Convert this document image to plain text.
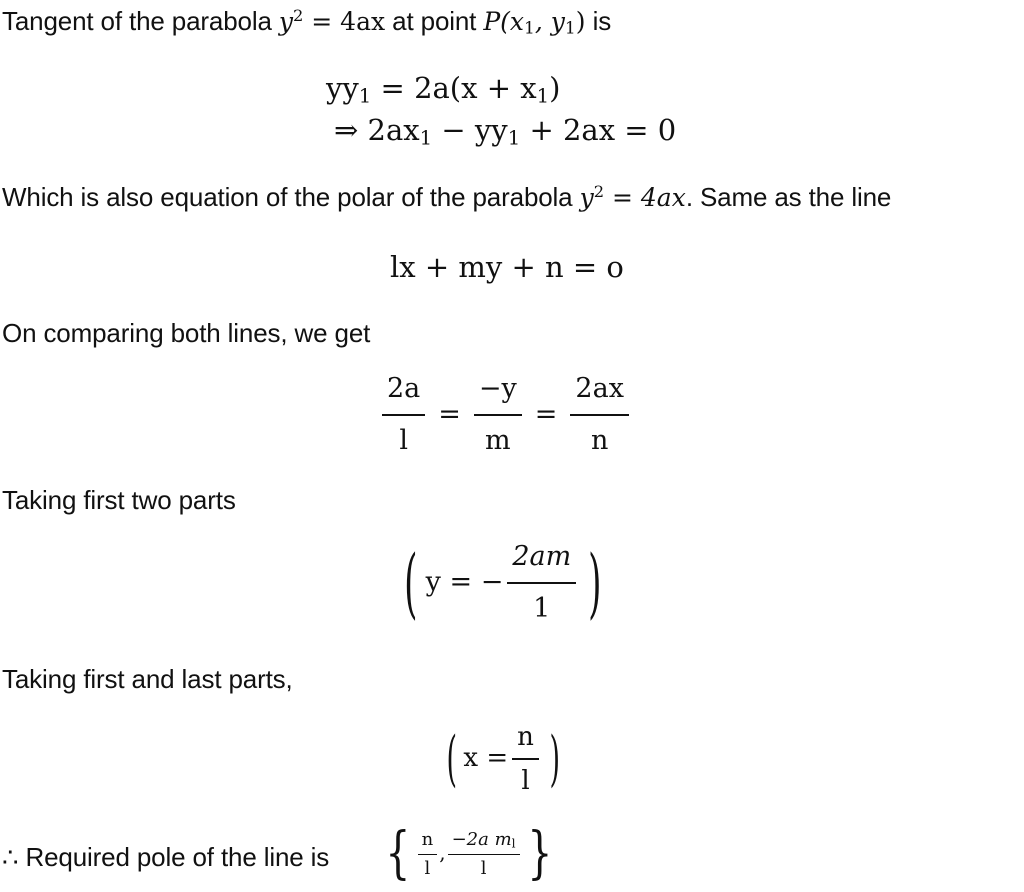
Tangent of the parabola $y^2 = 4ax$ at point $P(x_1$, $y_1$) is
$yy_1 = 2a(x + x_1)$
⇒ $2ax_1 - yy_1 + 2ax = 0$
Which is also equation of the polar of the parabola $y^2 = 4ax$. Same as the line
lx + my + n = o
On comparing both lines, we get
$\frac{2a}{l} = \frac{-y}{m} = \frac{2ax}{n}$
Taking first two parts
( y = − $\frac{2am}{1}$ )
Taking first and last parts,
( $x = \frac{n}{l}$ )
∴ Required pole of the line is { $\frac{n}{l}$ , $\frac{-2a m_l}{l}$ }
